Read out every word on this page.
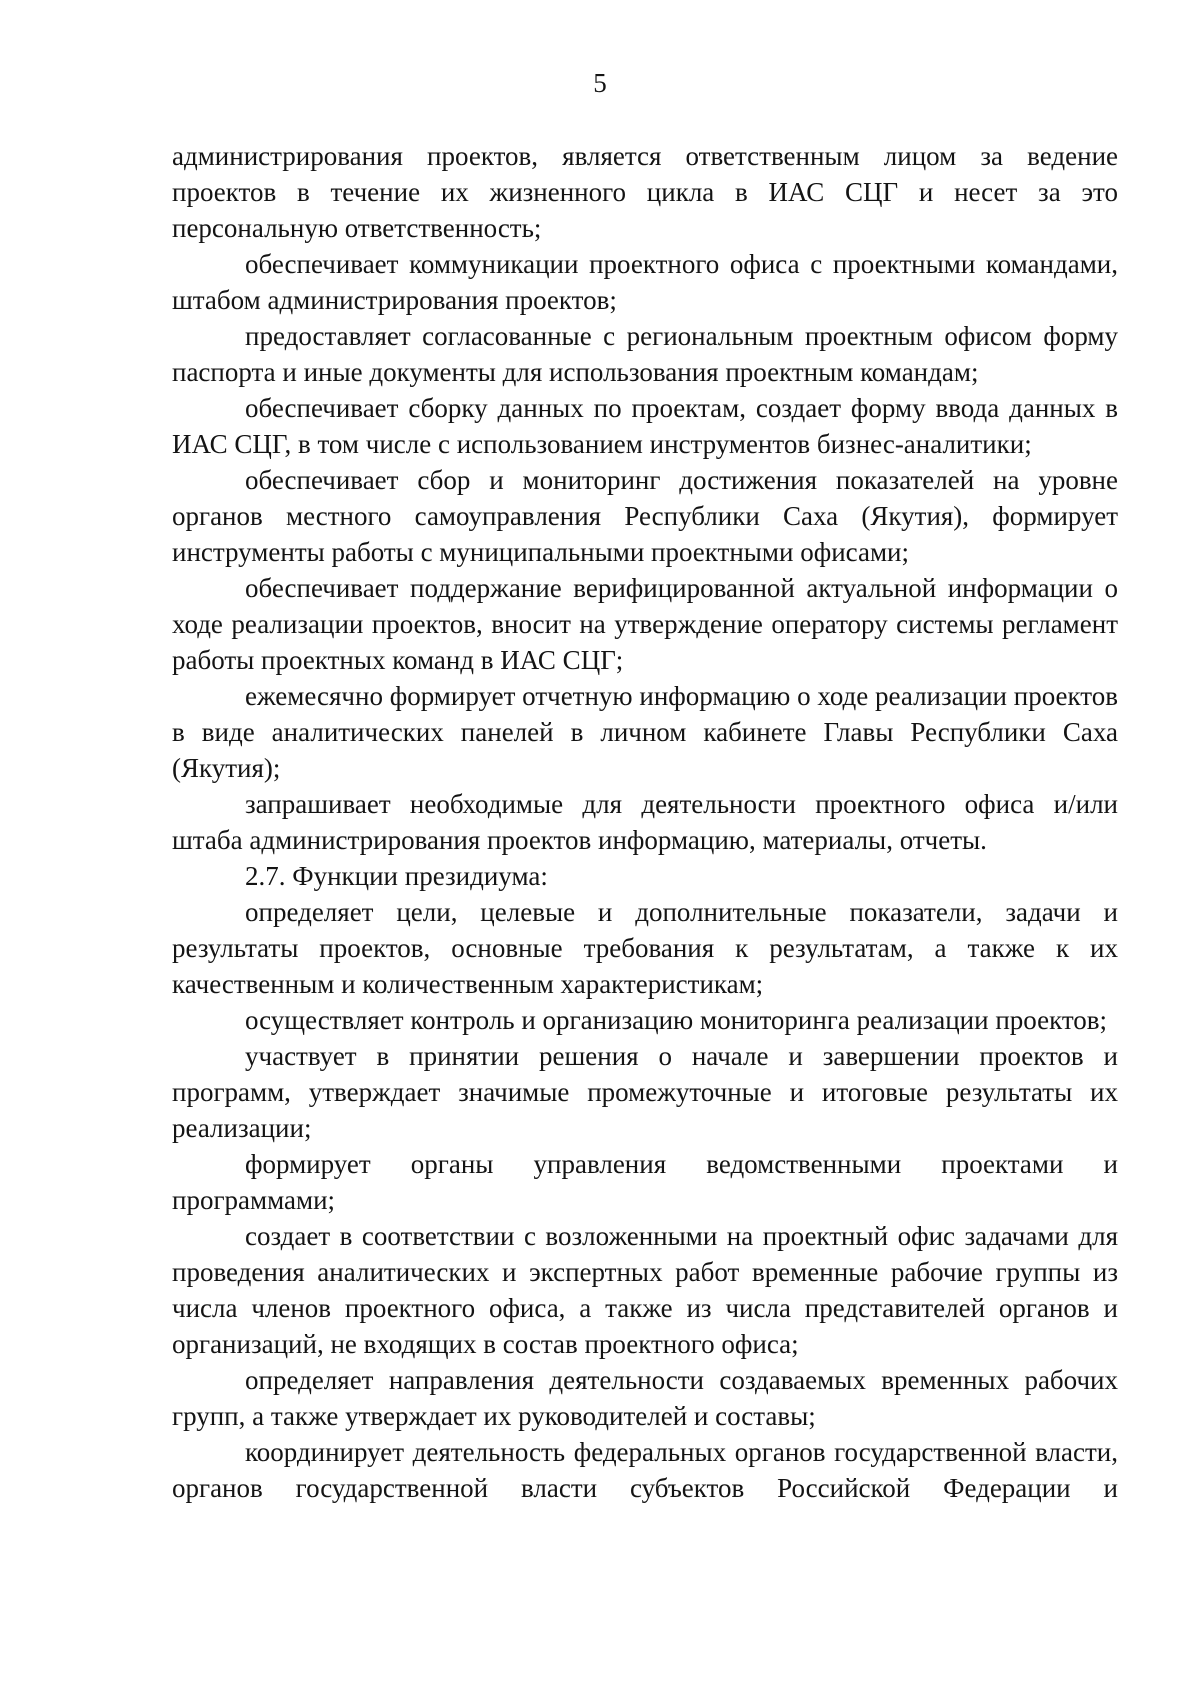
5

администрирования проектов, является ответственным лицом за ведение проектов в течение их жизненного цикла в ИАС СЦГ и несет за это персональную ответственность;

обеспечивает коммуникации проектного офиса с проектными командами, штабом администрирования проектов;

предоставляет согласованные с региональным проектным офисом форму паспорта и иные документы для использования проектным командам;

обеспечивает сборку данных по проектам, создает форму ввода данных в ИАС СЦГ, в том числе с использованием инструментов бизнес-аналитики;

обеспечивает сбор и мониторинг достижения показателей на уровне органов местного самоуправления Республики Саха (Якутия), формирует инструменты работы с муниципальными проектными офисами;

обеспечивает поддержание верифицированной актуальной информации о ходе реализации проектов, вносит на утверждение оператору системы регламент работы проектных команд в ИАС СЦГ;

ежемесячно формирует отчетную информацию о ходе реализации проектов в виде аналитических панелей в личном кабинете Главы Республики Саха (Якутия);

запрашивает необходимые для деятельности проектного офиса и/или штаба администрирования проектов информацию, материалы, отчеты.

2.7. Функции президиума:

определяет цели, целевые и дополнительные показатели, задачи и результаты проектов, основные требования к результатам, а также к их качественным и количественным характеристикам;

осуществляет контроль и организацию мониторинга реализации проектов;

участвует в принятии решения о начале и завершении проектов и программ, утверждает значимые промежуточные и итоговые результаты их реализации;

формирует органы управления ведомственными проектами и программами;

создает в соответствии с возложенными на проектный офис задачами для проведения аналитических и экспертных работ временные рабочие группы из числа членов проектного офиса, а также из числа представителей органов и организаций, не входящих в состав проектного офиса;

определяет направления деятельности создаваемых временных рабочих групп, а также утверждает их руководителей и составы;

координирует деятельность федеральных органов государственной власти, органов государственной власти субъектов Российской Федерации и
